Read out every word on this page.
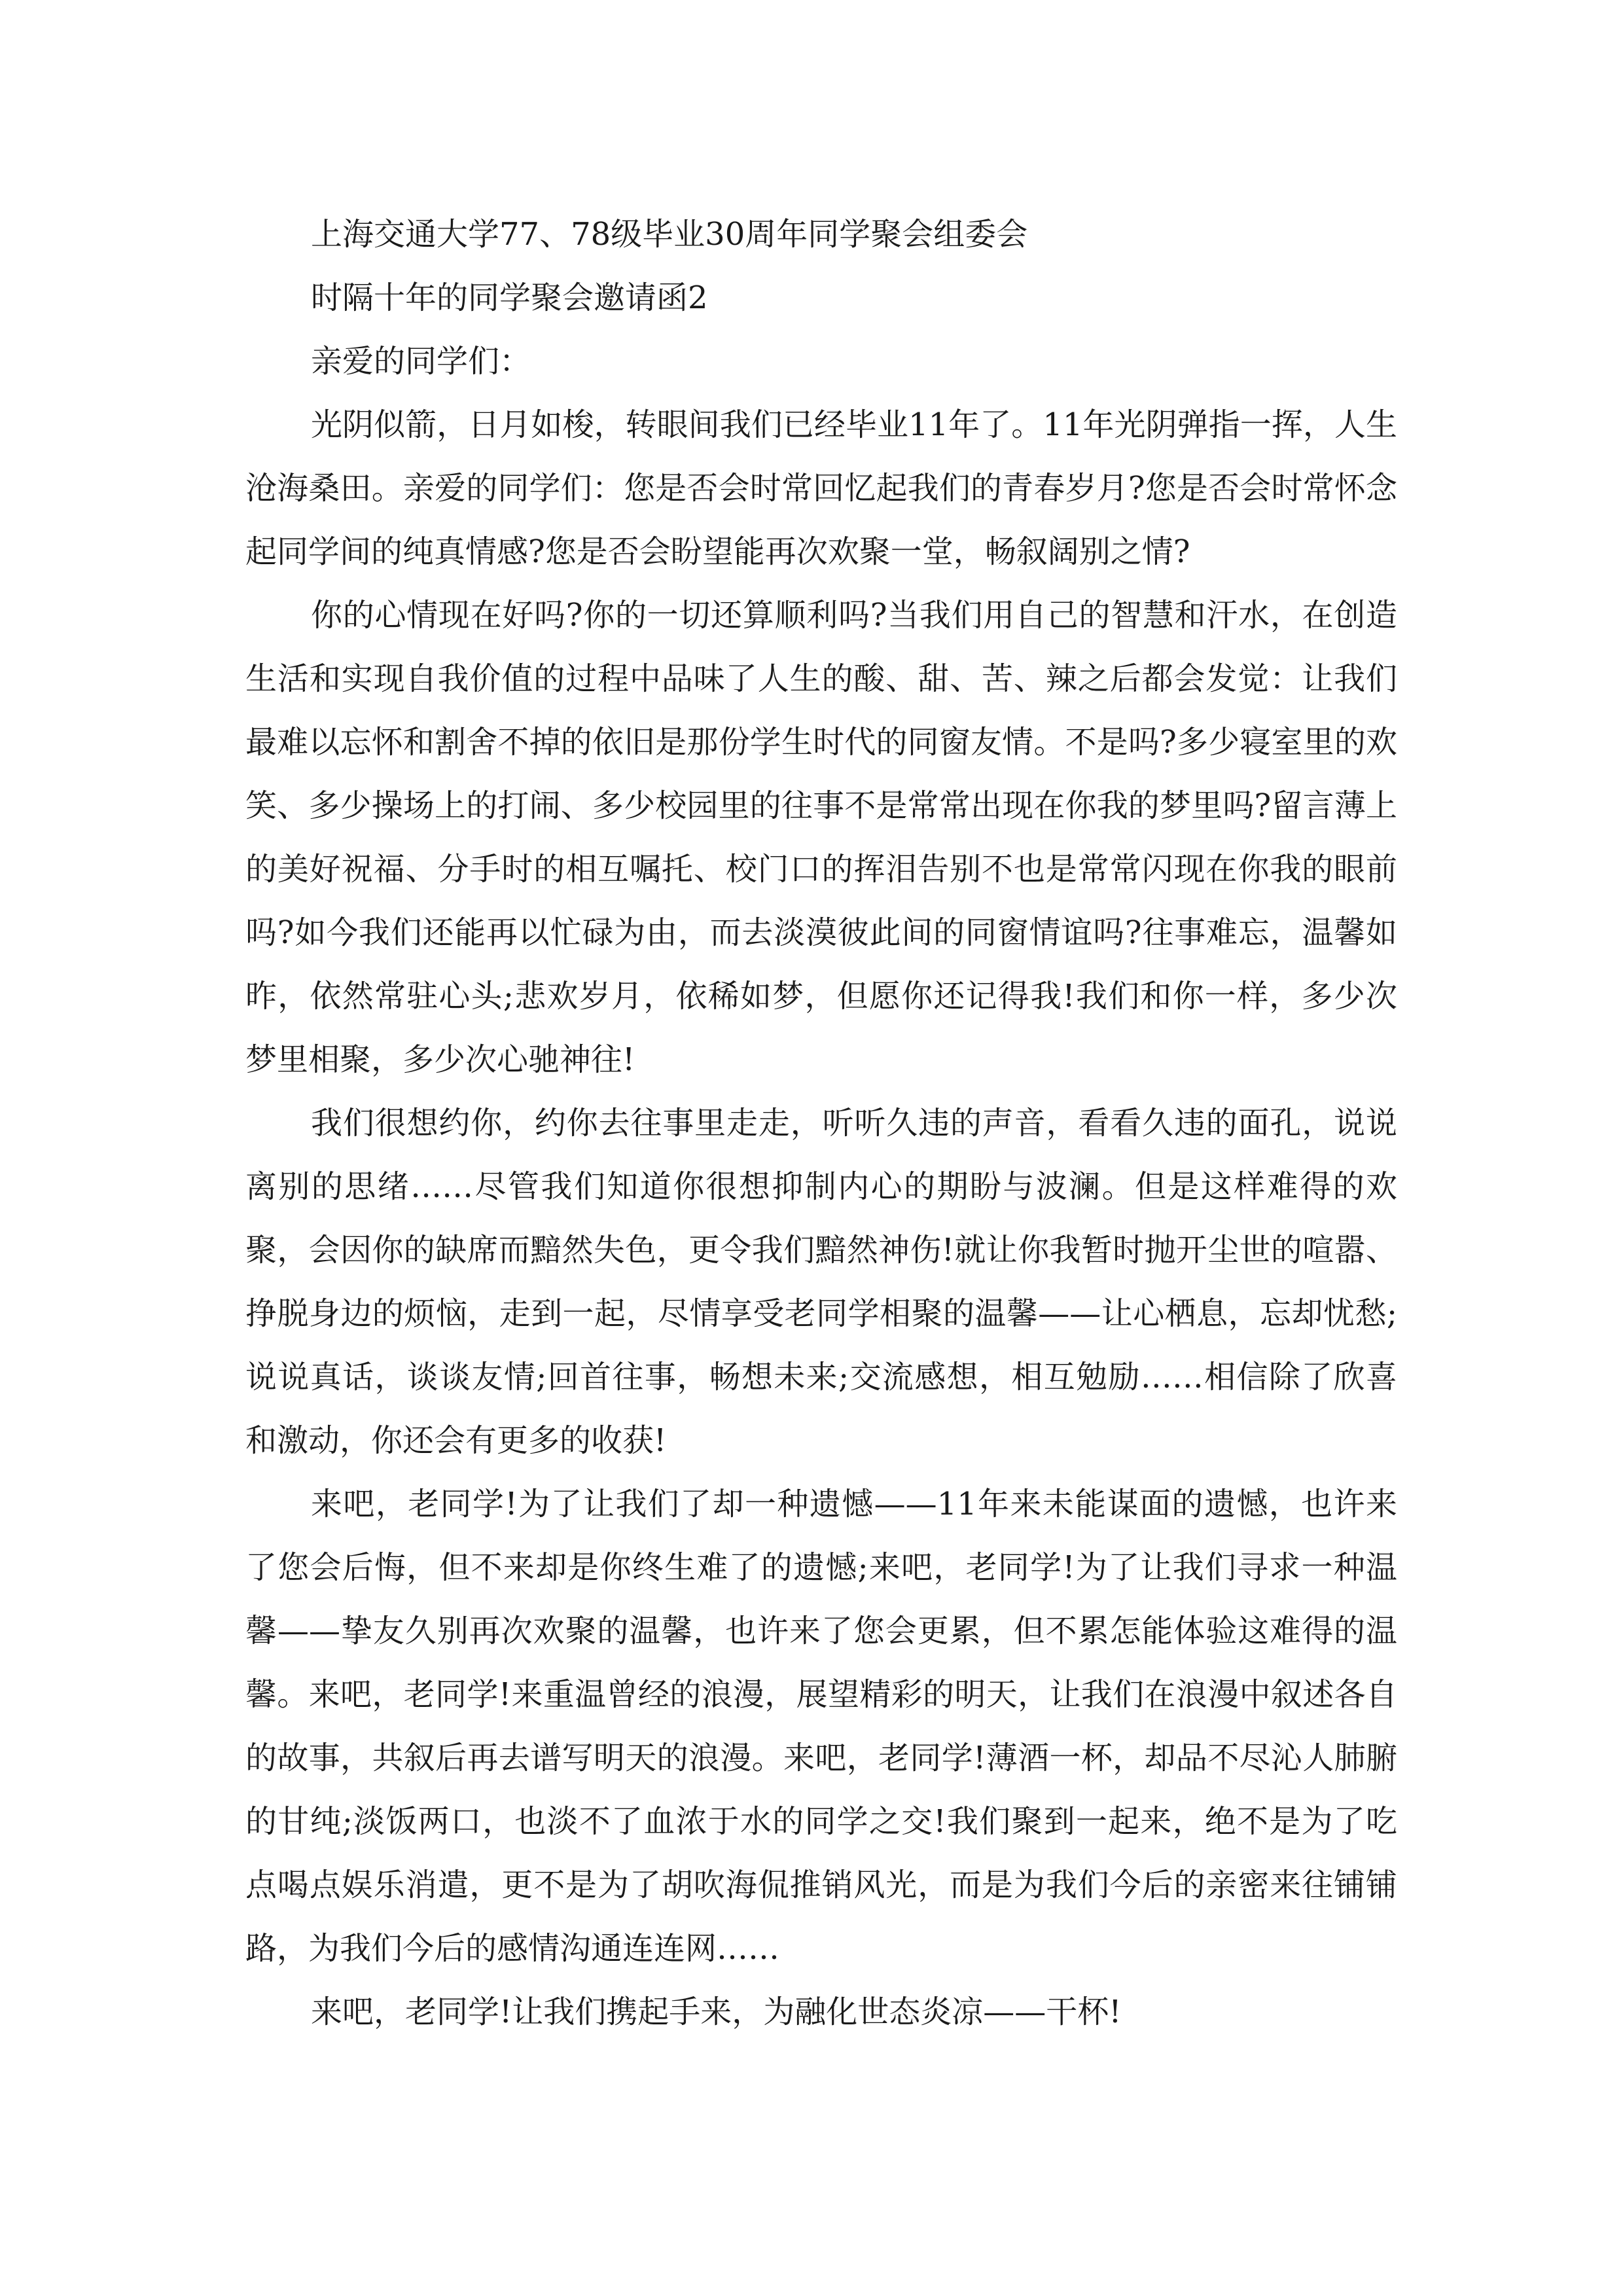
上海交通大学77、78级毕业30周年同学聚会组委会

时隔十年的同学聚会邀请函2

亲爱的同学们：

光阴似箭，日月如梭，转眼间我们已经毕业11年了。11年光阴弹指一挥，人生沧海桑田。亲爱的同学们：您是否会时常回忆起我们的青春岁月?您是否会时常怀念起同学间的纯真情感?您是否会盼望能再次欢聚一堂，畅叙阔别之情?

你的心情现在好吗?你的一切还算顺利吗?当我们用自己的智慧和汗水，在创造生活和实现自我价值的过程中品味了人生的酸、甜、苦、辣之后都会发觉：让我们最难以忘怀和割舍不掉的依旧是那份学生时代的同窗友情。不是吗?多少寝室里的欢笑、多少操场上的打闹、多少校园里的往事不是常常出现在你我的梦里吗?留言薄上的美好祝福、分手时的相互嘱托、校门口的挥泪告别不也是常常闪现在你我的眼前吗?如今我们还能再以忙碌为由，而去淡漠彼此间的同窗情谊吗?往事难忘，温馨如昨，依然常驻心头;悲欢岁月，依稀如梦，但愿你还记得我!我们和你一样，多少次梦里相聚，多少次心驰神往!

我们很想约你，约你去往事里走走，听听久违的声音，看看久违的面孔，说说离别的思绪……尽管我们知道你很想抑制内心的期盼与波澜。但是这样难得的欢聚，会因你的缺席而黯然失色，更令我们黯然神伤!就让你我暂时抛开尘世的喧嚣、挣脱身边的烦恼，走到一起，尽情享受老同学相聚的温馨——让心栖息，忘却忧愁;说说真话，谈谈友情;回首往事，畅想未来;交流感想，相互勉励……相信除了欣喜和激动，你还会有更多的收获!

来吧，老同学!为了让我们了却一种遗憾——11年来未能谋面的遗憾，也许来了您会后悔，但不来却是你终生难了的遗憾;来吧，老同学!为了让我们寻求一种温馨——挚友久别再次欢聚的温馨，也许来了您会更累，但不累怎能体验这难得的温馨。来吧，老同学!来重温曾经的浪漫，展望精彩的明天，让我们在浪漫中叙述各自的故事，共叙后再去谱写明天的浪漫。来吧，老同学!薄酒一杯，却品不尽沁人肺腑的甘纯;淡饭两口，也淡不了血浓于水的同学之交!我们聚到一起来，绝不是为了吃点喝点娱乐消遣，更不是为了胡吹海侃推销风光，而是为我们今后的亲密来往铺铺路，为我们今后的感情沟通连连网……

来吧，老同学!让我们携起手来，为融化世态炎凉——干杯!
